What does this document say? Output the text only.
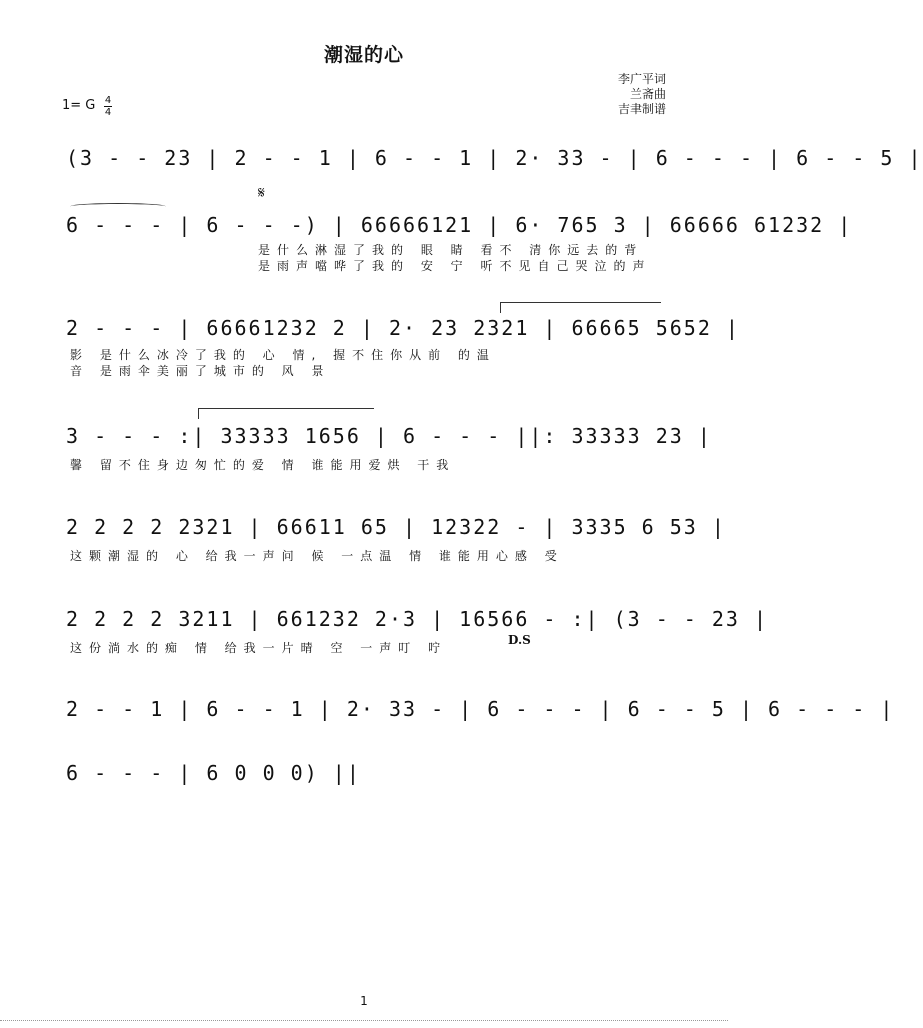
潮湿的心
李广平词
兰斋曲
吉聿制谱
1= G 4
4
(3 - - 23 | 2 - - 1 | 6 - - 1 | 2· 33 - | 6 - - - | 6 - - 5 |
𝄋
6 - - - | 6 - - -) | 66666121 | 6· 765 3 | 66666 61232 |
是什么淋湿了我的 眼 睛 看不 清你远去的背
是雨声噹哗了我的 安 宁 听不见自己哭泣的声
2 - - - | 66661232 2 | 2· 23 2321 | 66665 5652 |
影 是什么冰冷了我的 心 情, 握不住你从前 的温
音 是雨伞美丽了城市的 风 景
3 - - - :| 33333 1656 | 6 - - - ||: 33333 23 |
馨 留不住身边匆忙的爱 情 谁能用爱烘 干我
2 2 2 2 2321 | 66611 65 | 12322 - | 3335 6 53 |
这颗潮湿的 心 给我一声问 候 一点温 情 谁能用心感 受
2 2 2 2 3211 | 661232 2·3 | 16566 - :| (3 - - 23 |
这份淌水的痴 情 给我一片晴 空 一声叮 咛
D.S
2 - - 1 | 6 - - 1 | 2· 33 - | 6 - - - | 6 - - 5 | 6 - - - |
6 - - - | 6 0 0 0) ||
1
